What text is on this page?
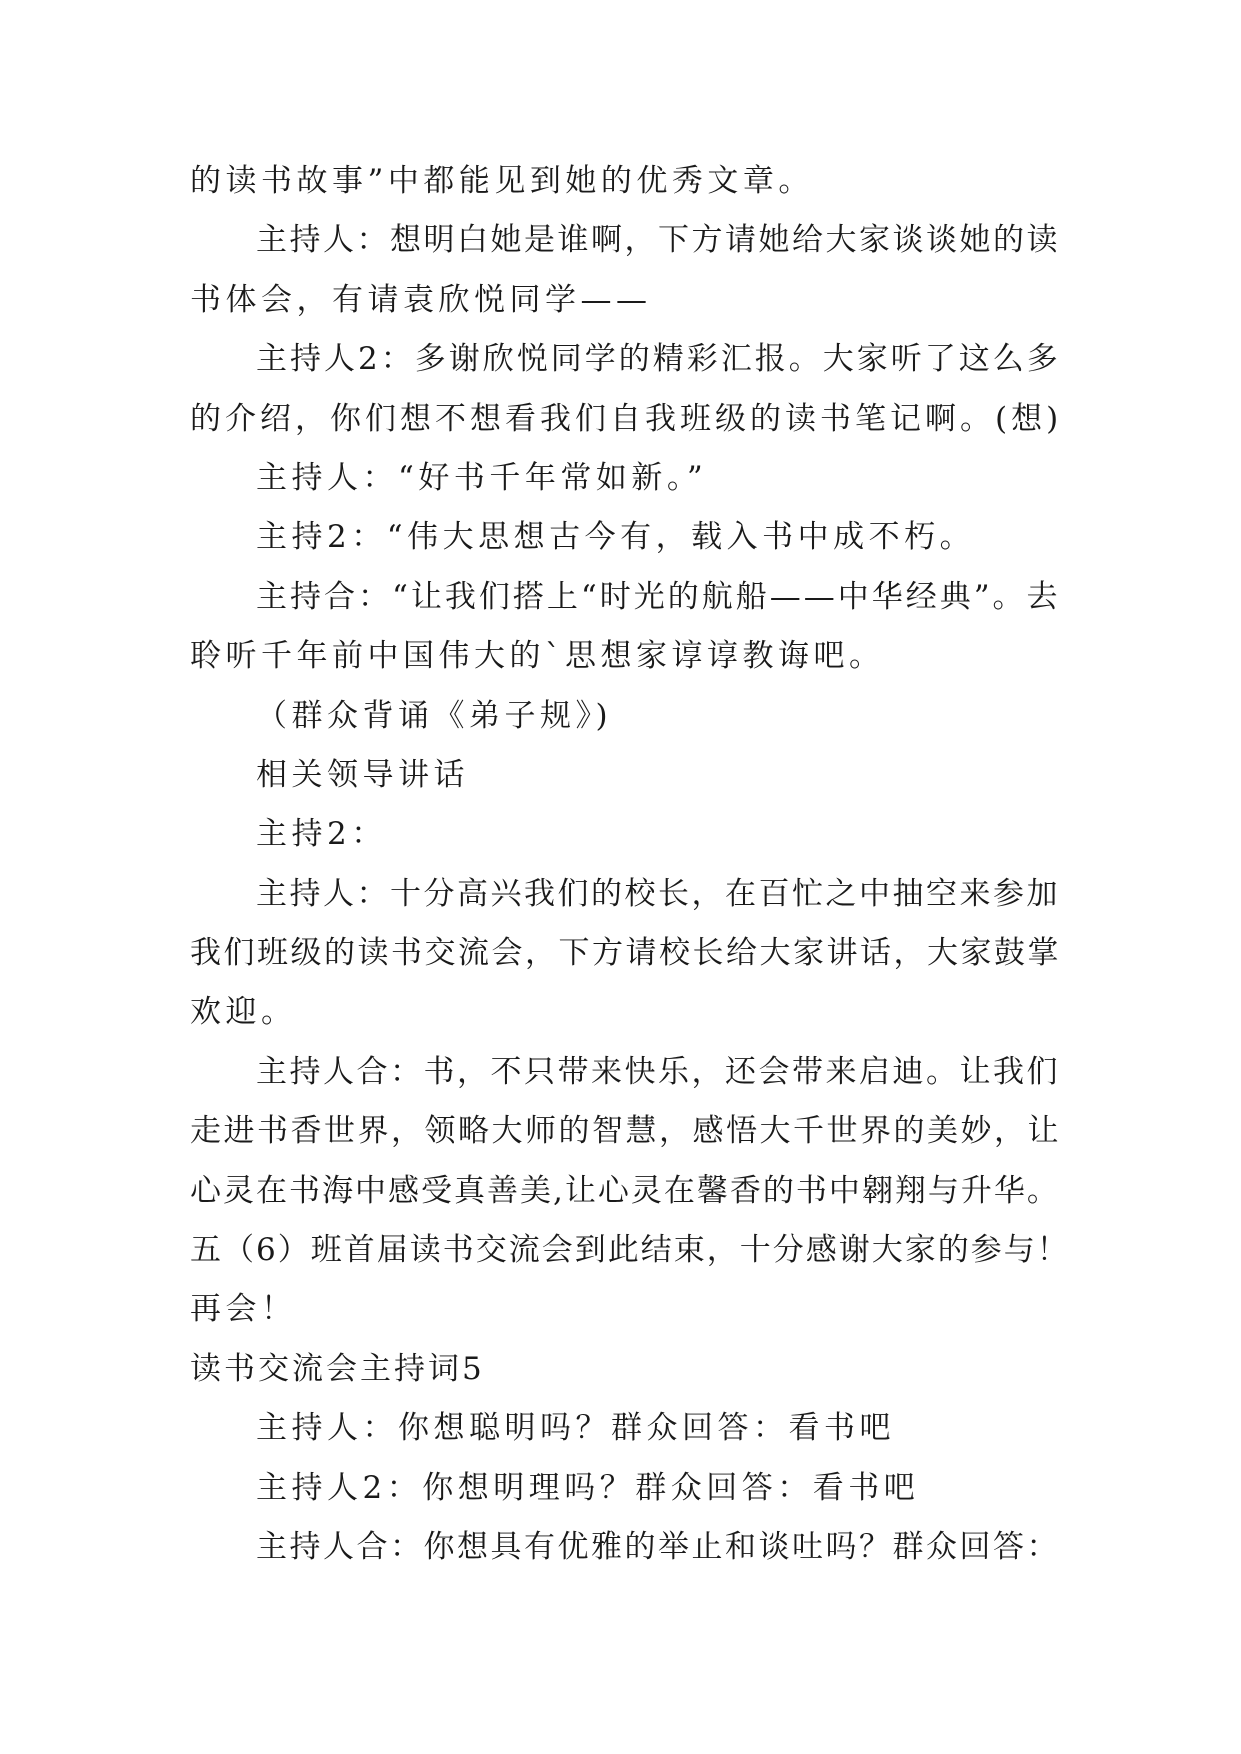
的读书故事”中都能见到她的优秀文章。
主持人：想明白她是谁啊，下方请她给大家谈谈她的读
书体会，有请袁欣悦同学——
主持人2：多谢欣悦同学的精彩汇报。大家听了这么多
的介绍，你们想不想看我们自我班级的读书笔记啊。(想)
主持人：“好书千年常如新。”
主持2：“伟大思想古今有，载入书中成不朽。
主持合：“让我们搭上“时光的航船——中华经典”。去
聆听千年前中国伟大的`思想家谆谆教诲吧。
（群众背诵《弟子规》)
相关领导讲话
主持2：
主持人：十分高兴我们的校长，在百忙之中抽空来参加
我们班级的读书交流会，下方请校长给大家讲话，大家鼓掌
欢迎。
主持人合：书，不只带来快乐，还会带来启迪。让我们
走进书香世界，领略大师的智慧，感悟大千世界的美妙，让
心灵在书海中感受真善美,让心灵在馨香的书中翱翔与升华。
五（6）班首届读书交流会到此结束，十分感谢大家的参与！
再会！
读书交流会主持词5
主持人：你想聪明吗？群众回答：看书吧
主持人2：你想明理吗？群众回答：看书吧
主持人合：你想具有优雅的举止和谈吐吗？群众回答：
